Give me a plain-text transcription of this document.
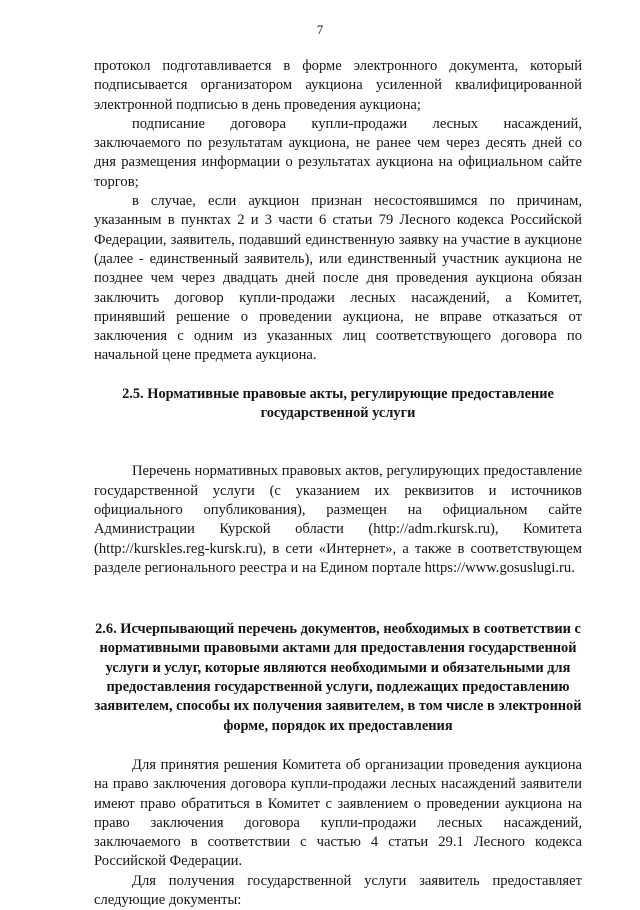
7

протокол подготавливается в форме электронного документа, который подписывается организатором аукциона усиленной квалифицированной электронной подписью в день проведения аукциона;

подписание договора купли-продажи лесных насаждений, заключаемого по результатам аукциона, не ранее чем через десять дней со дня размещения информации о результатах аукциона на официальном сайте торгов;

в случае, если аукцион признан несостоявшимся по причинам, указанным в пунктах 2 и 3 части 6 статьи 79 Лесного кодекса Российской Федерации, заявитель, подавший единственную заявку на участие в аукционе (далее - единственный заявитель), или единственный участник аукциона не позднее чем через двадцать дней после дня проведения аукциона обязан заключить договор купли-продажи лесных насаждений, а Комитет, принявший решение о проведении аукциона, не вправе отказаться от заключения с одним из указанных лиц соответствующего договора по начальной цене предмета аукциона.

2.5. Нормативные правовые акты, регулирующие предоставление государственной услуги

Перечень нормативных правовых актов, регулирующих предоставление государственной услуги (с указанием их реквизитов и источников официального опубликования), размещен на официальном сайте Администрации Курской области (http://adm.rkursk.ru), Комитета (http://kurskles.reg-kursk.ru), в сети «Интернет», а также в соответствующем разделе регионального реестра и на Едином портале https://www.gosuslugi.ru.

2.6. Исчерпывающий перечень документов, необходимых в соответствии с нормативными правовыми актами для предоставления государственной услуги и услуг, которые являются необходимыми и обязательными для предоставления государственной услуги, подлежащих предоставлению заявителем, способы их получения заявителем, в том числе в электронной форме, порядок их предоставления

Для принятия решения Комитета об организации проведения аукциона на право заключения договора купли-продажи лесных насаждений заявители имеют право обратиться в Комитет с заявлением о проведении аукциона на право заключения договора купли-продажи лесных насаждений, заключаемого в соответствии с частью 4 статьи 29.1 Лесного кодекса Российской Федерации.

Для получения государственной услуги заявитель предоставляет следующие документы:
